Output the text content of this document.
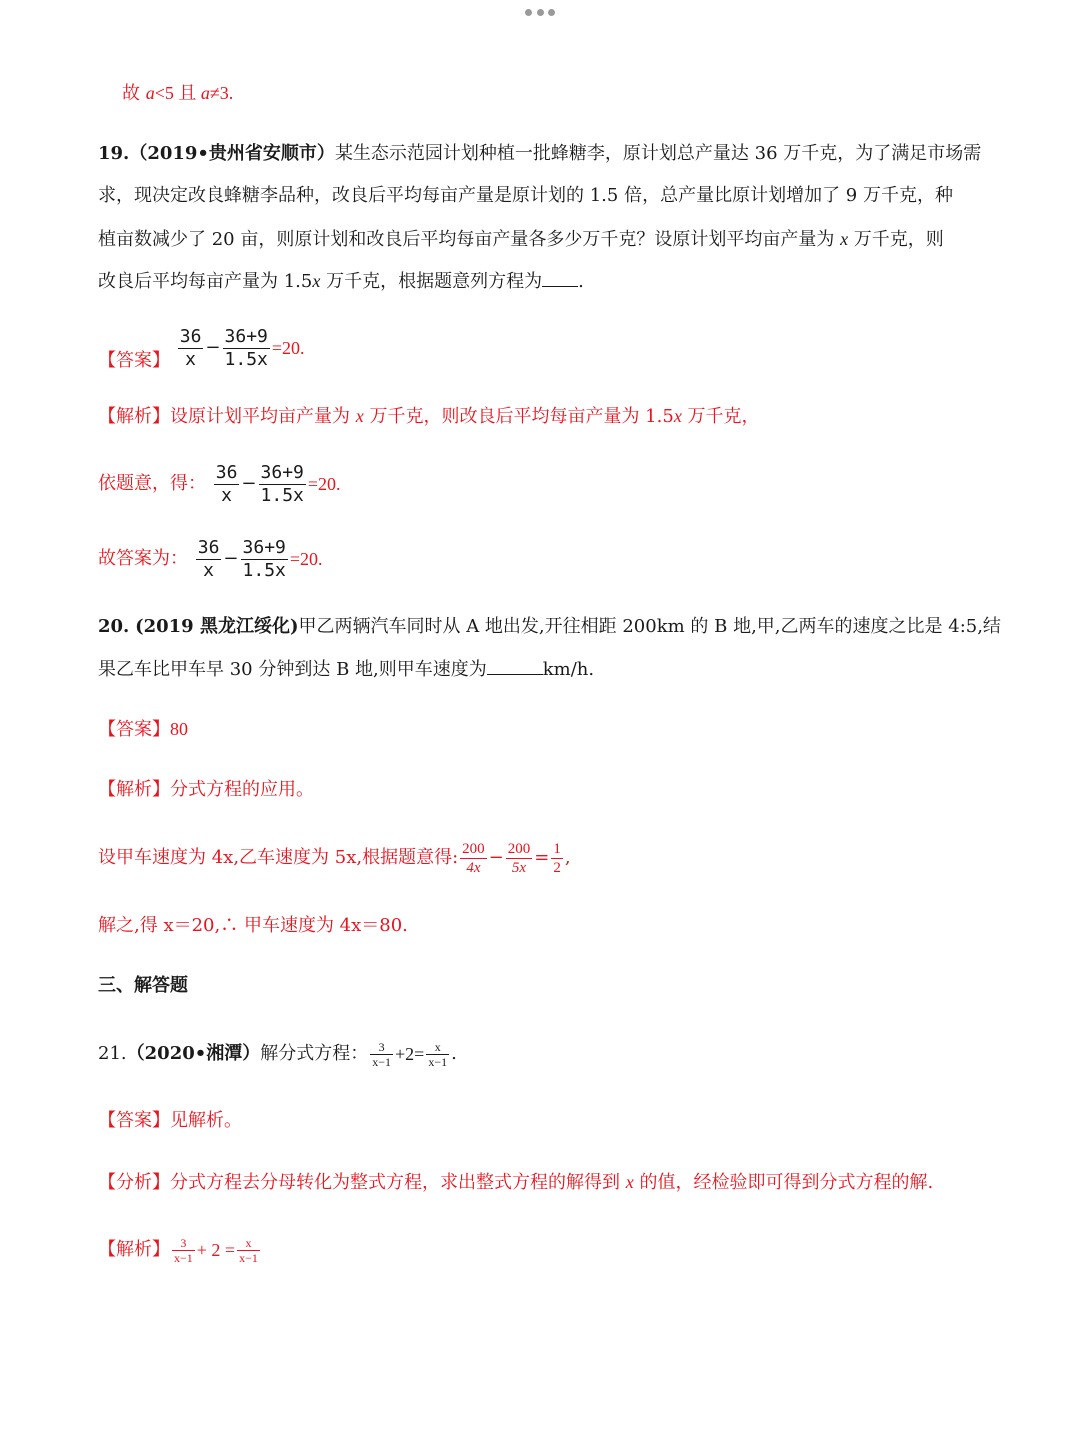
故 a<5 且 a≠3.
19.（2019•贵州省安顺市）某生态示范园计划种植一批蜂糖李，原计划总产量达 36 万千克，为了满足市场需
求，现决定改良蜂糖李品种，改良后平均每亩产量是原计划的 1.5 倍，总产量比原计划增加了 9 万千克，种
植亩数减少了 20 亩，则原计划和改良后平均每亩产量各多少万千克？设原计划平均亩产量为 x 万千克，则
改良后平均每亩产量为 1.5x 万千克，根据题意列方程为 .
【答案】 $\frac{36}{x} - \frac{36+9}{1.5x} =20$.
【解析】设原计划平均亩产量为 x 万千克，则改良后平均每亩产量为 1.5x 万千克，
依题意，得： $\frac{36}{x} - \frac{36+9}{1.5x} =20$.
故答案为： $\frac{36}{x} - \frac{36+9}{1.5x} =20$.
20. (2019 黑龙江绥化)甲乙两辆汽车同时从 A 地出发,开往相距 200km 的 B 地,甲,乙两车的速度之比是 4:5,结
果乙车比甲车早 30 分钟到达 B 地,则甲车速度为	km/h.
【答案】80
【解析】分式方程的应用。
设甲车速度为 4x,乙车速度为 5x,根据题意得: $\frac{200}{4x} - \frac{200}{5x} = \frac{1}{2}$ ,
解之,得 x＝20,∴ 甲车速度为 4x＝80.
三、解答题
21.（2020•湘潭）解分式方程： $\frac{3}{x-1} +2= \frac{x}{x-1}$ .
【答案】见解析。
【分析】分式方程去分母转化为整式方程，求出整式方程的解得到 x 的值，经检验即可得到分式方程的解.
【解析】 $\frac{3}{x-1} + 2 = \frac{x}{x-1}$
